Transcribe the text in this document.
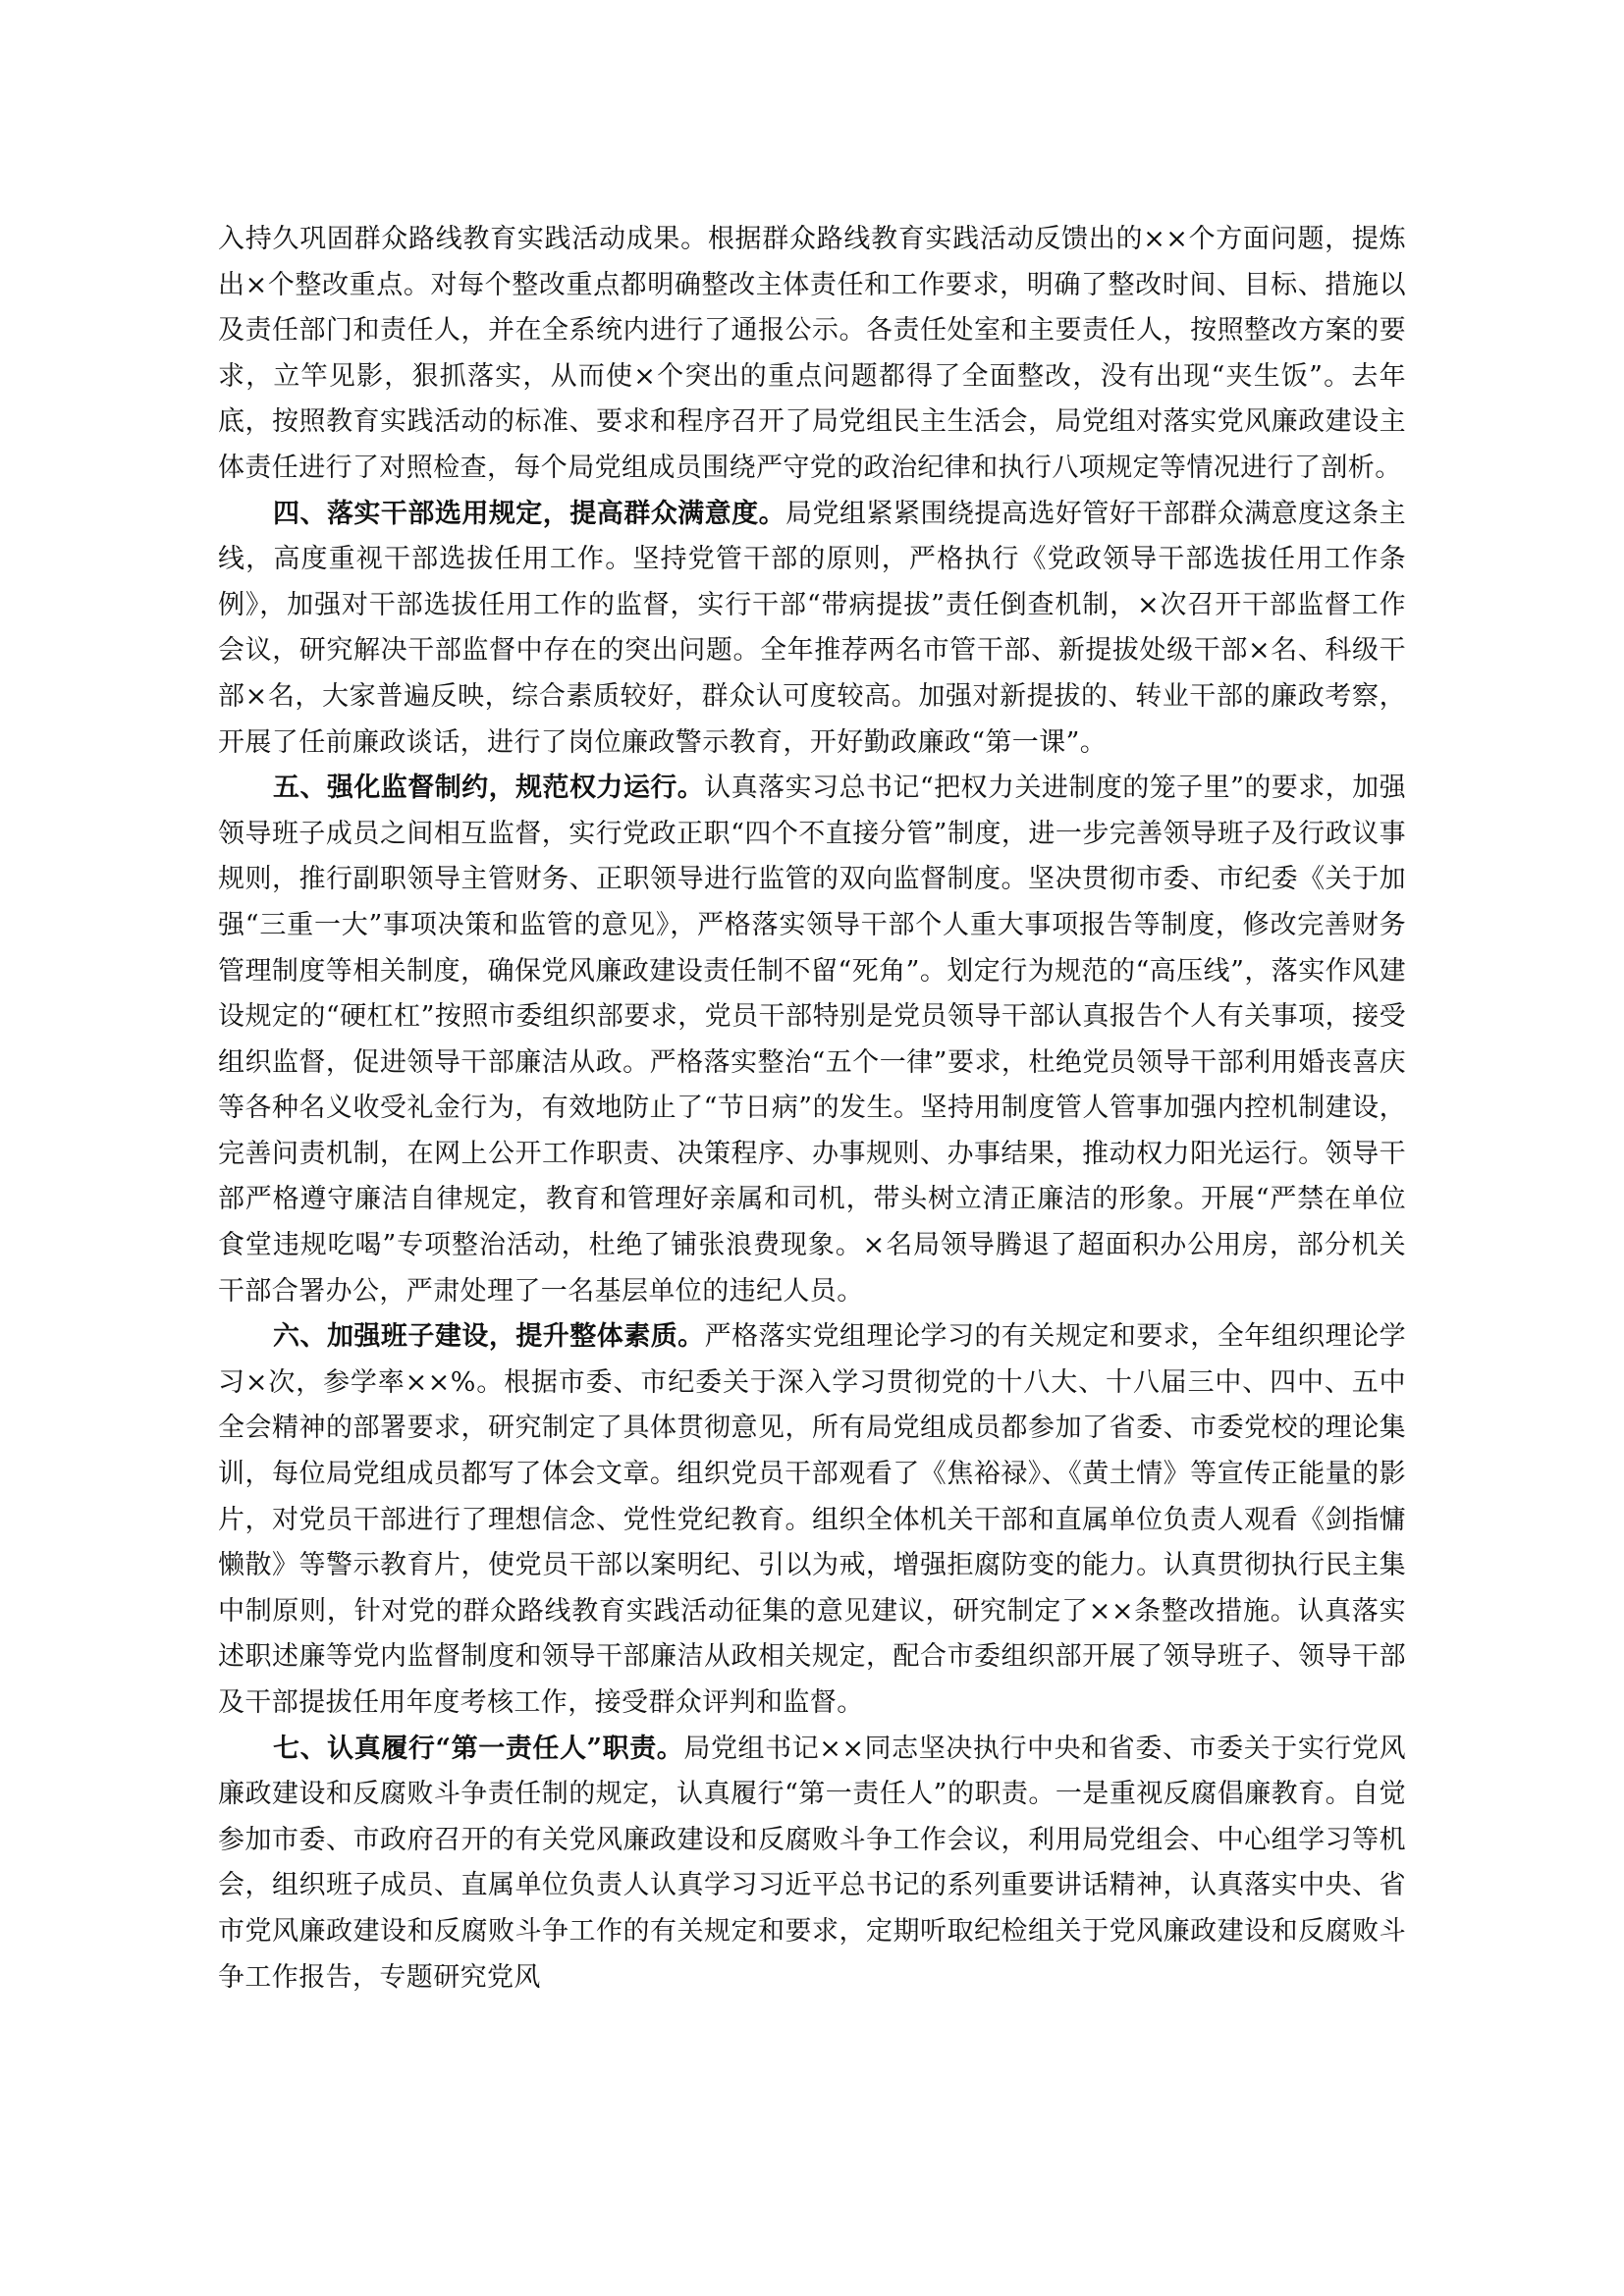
入持久巩固群众路线教育实践活动成果。根据群众路线教育实践活动反馈出的××个方面问题，提炼出×个整改重点。对每个整改重点都明确整改主体责任和工作要求，明确了整改时间、目标、措施以及责任部门和责任人，并在全系统内进行了通报公示。各责任处室和主要责任人，按照整改方案的要求，立竿见影，狠抓落实，从而使×个突出的重点问题都得了全面整改，没有出现“夹生饭”。去年底，按照教育实践活动的标准、要求和程序召开了局党组民主生活会，局党组对落实党风廉政建设主体责任进行了对照检查，每个局党组成员围绕严守党的政治纪律和执行八项规定等情况进行了剖析。

四、落实干部选用规定，提高群众满意度。局党组紧紧围绕提高选好管好干部群众满意度这条主线，高度重视干部选拔任用工作。坚持党管干部的原则，严格执行《党政领导干部选拔任用工作条例》，加强对干部选拔任用工作的监督，实行干部“带病提拔”责任倒查机制，×次召开干部监督工作会议，研究解决干部监督中存在的突出问题。全年推荐两名市管干部、新提拔处级干部×名、科级干部×名，大家普遍反映，综合素质较好，群众认可度较高。加强对新提拔的、转业干部的廉政考察，开展了任前廉政谈话，进行了岗位廉政警示教育，开好勤政廉政“第一课”。

五、强化监督制约，规范权力运行。认真落实习总书记“把权力关进制度的笼子里”的要求，加强领导班子成员之间相互监督，实行党政正职“四个不直接分管”制度，进一步完善领导班子及行政议事规则，推行副职领导主管财务、正职领导进行监管的双向监督制度。坚决贯彻市委、市纪委《关于加强“三重一大”事项决策和监管的意见》，严格落实领导干部个人重大事项报告等制度，修改完善财务管理制度等相关制度，确保党风廉政建设责任制不留“死角”。划定行为规范的“高压线”，落实作风建设规定的“硬杠杠”按照市委组织部要求，党员干部特别是党员领导干部认真报告个人有关事项，接受组织监督，促进领导干部廉洁从政。严格落实整治“五个一律”要求，杜绝党员领导干部利用婚丧喜庆等各种名义收受礼金行为，有效地防止了“节日病”的发生。坚持用制度管人管事加强内控机制建设，完善问责机制，在网上公开工作职责、决策程序、办事规则、办事结果，推动权力阳光运行。领导干部严格遵守廉洁自律规定，教育和管理好亲属和司机，带头树立清正廉洁的形象。开展“严禁在单位食堂违规吃喝”专项整治活动，杜绝了铺张浪费现象。×名局领导腾退了超面积办公用房，部分机关干部合署办公，严肃处理了一名基层单位的违纪人员。

六、加强班子建设，提升整体素质。严格落实党组理论学习的有关规定和要求，全年组织理论学习×次，参学率××%。根据市委、市纪委关于深入学习贯彻党的十八大、十八届三中、四中、五中全会精神的部署要求，研究制定了具体贯彻意见，所有局党组成员都参加了省委、市委党校的理论集训，每位局党组成员都写了体会文章。组织党员干部观看了《焦裕禄》、《黄土情》等宣传正能量的影片，对党员干部进行了理想信念、党性党纪教育。组织全体机关干部和直属单位负责人观看《剑指慵懒散》等警示教育片，使党员干部以案明纪、引以为戒，增强拒腐防变的能力。认真贯彻执行民主集中制原则，针对党的群众路线教育实践活动征集的意见建议，研究制定了××条整改措施。认真落实述职述廉等党内监督制度和领导干部廉洁从政相关规定，配合市委组织部开展了领导班子、领导干部及干部提拔任用年度考核工作，接受群众评判和监督。

七、认真履行“第一责任人”职责。局党组书记××同志坚决执行中央和省委、市委关于实行党风廉政建设和反腐败斗争责任制的规定，认真履行“第一责任人”的职责。一是重视反腐倡廉教育。自觉参加市委、市政府召开的有关党风廉政建设和反腐败斗争工作会议，利用局党组会、中心组学习等机会，组织班子成员、直属单位负责人认真学习习近平总书记的系列重要讲话精神，认真落实中央、省市党风廉政建设和反腐败斗争工作的有关规定和要求，定期听取纪检组关于党风廉政建设和反腐败斗争工作报告，专题研究党风
